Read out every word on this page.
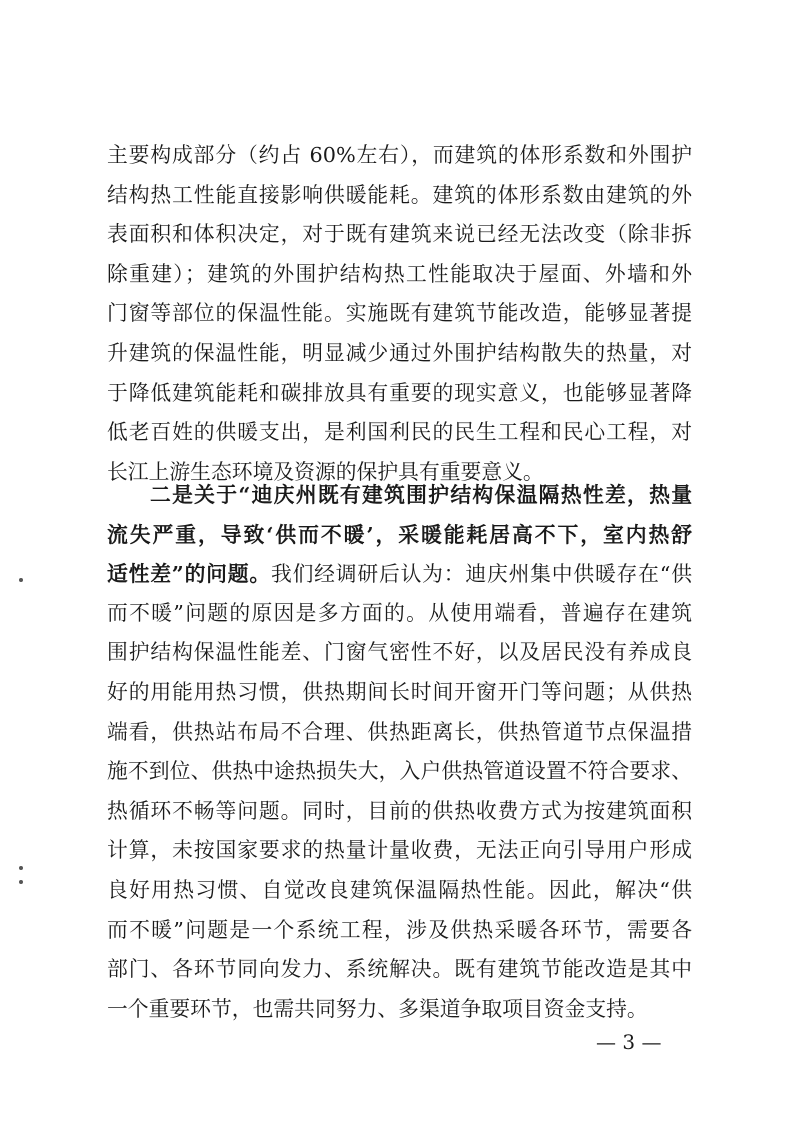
主要构成部分（约占 60%左右），而建筑的体形系数和外围护
结构热工性能直接影响供暖能耗。建筑的体形系数由建筑的外
表面积和体积决定，对于既有建筑来说已经无法改变（除非拆
除重建）；建筑的外围护结构热工性能取决于屋面、外墙和外
门窗等部位的保温性能。实施既有建筑节能改造，能够显著提
升建筑的保温性能，明显减少通过外围护结构散失的热量，对
于降低建筑能耗和碳排放具有重要的现实意义，也能够显著降
低老百姓的供暖支出，是利国利民的民生工程和民心工程，对
长江上游生态环境及资源的保护具有重要意义。
二是关于“迪庆州既有建筑围护结构保温隔热性差，热量
流失严重，导致‘供而不暖’，采暖能耗居高不下，室内热舒
适性差”的问题。我们经调研后认为：迪庆州集中供暖存在“供
而不暖”问题的原因是多方面的。从使用端看，普遍存在建筑
围护结构保温性能差、门窗气密性不好，以及居民没有养成良
好的用能用热习惯，供热期间长时间开窗开门等问题；从供热
端看，供热站布局不合理、供热距离长，供热管道节点保温措
施不到位、供热中途热损失大，入户供热管道设置不符合要求、
热循环不畅等问题。同时，目前的供热收费方式为按建筑面积
计算，未按国家要求的热量计量收费，无法正向引导用户形成
良好用热习惯、自觉改良建筑保温隔热性能。因此，解决“供
而不暖”问题是一个系统工程，涉及供热采暖各环节，需要各
部门、各环节同向发力、系统解决。既有建筑节能改造是其中
一个重要环节，也需共同努力、多渠道争取项目资金支持。
— 3 —
